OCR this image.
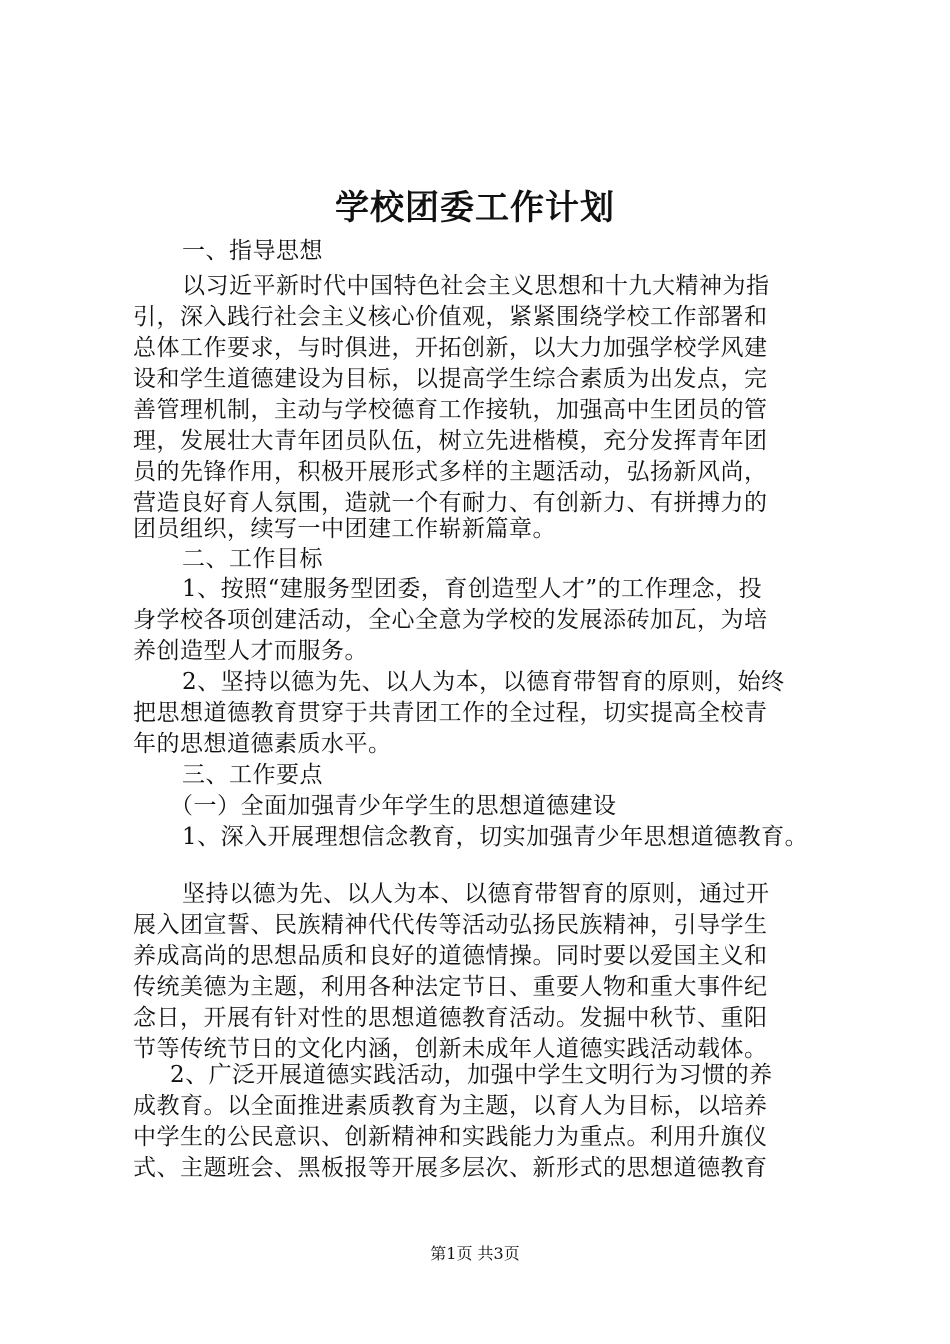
学校团委工作计划
一、指导思想
以习近平新时代中国特色社会主义思想和十九大精神为指
引，深入践行社会主义核心价值观，紧紧围绕学校工作部署和
总体工作要求，与时俱进，开拓创新，以大力加强学校学风建
设和学生道德建设为目标，以提高学生综合素质为出发点，完
善管理机制，主动与学校德育工作接轨，加强高中生团员的管
理，发展壮大青年团员队伍，树立先进楷模，充分发挥青年团
员的先锋作用，积极开展形式多样的主题活动，弘扬新风尚，
营造良好育人氛围，造就一个有耐力、有创新力、有拼搏力的
团员组织，续写一中团建工作崭新篇章。
二、工作目标
1、按照“建服务型团委，育创造型人才”的工作理念，投
身学校各项创建活动，全心全意为学校的发展添砖加瓦，为培
养创造型人才而服务。
2、坚持以德为先、以人为本，以德育带智育的原则，始终
把思想道德教育贯穿于共青团工作的全过程，切实提高全校青
年的思想道德素质水平。
三、工作要点
（一）全面加强青少年学生的思想道德建设
1、深入开展理想信念教育，切实加强青少年思想道德教育。
坚持以德为先、以人为本、以德育带智育的原则，通过开
展入团宣誓、民族精神代代传等活动弘扬民族精神，引导学生
养成高尚的思想品质和良好的道德情操。同时要以爱国主义和
传统美德为主题，利用各种法定节日、重要人物和重大事件纪
念日，开展有针对性的思想道德教育活动。发掘中秋节、重阳
节等传统节日的文化内涵，创新未成年人道德实践活动载体。
2、广泛开展道德实践活动，加强中学生文明行为习惯的养
成教育。以全面推进素质教育为主题，以育人为目标，以培养
中学生的公民意识、创新精神和实践能力为重点。利用升旗仪
式、主题班会、黑板报等开展多层次、新形式的思想道德教育
第1页 共3页
